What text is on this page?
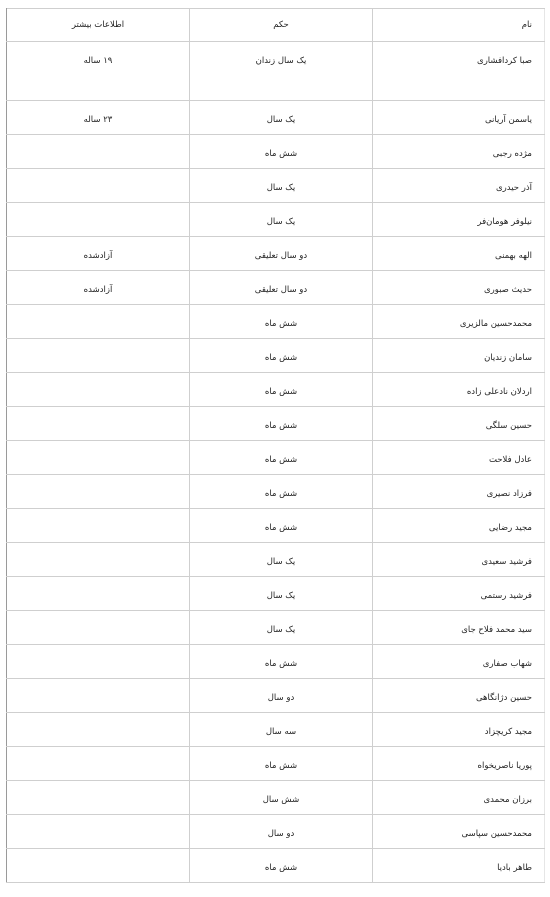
نام	حکم	اطلاعات بیشتر
صبا کردافشاری	یک سال زندان	۱۹ ساله
یاسمن آریانی	یک سال	۲۳ ساله
مژده رجبی	شش ماه	
آذر حیدری	یک سال	
نیلوفر هومان‌فر	یک سال	
الهه بهمنی	دو سال تعلیقی	آزادشده
حدیث صبوری	دو سال تعلیقی	آزادشده
محمدحسین مالزیری	شش ماه	
سامان زندیان	شش ماه	
اردلان نادعلی زاده	شش ماه	
حسین سلگی	شش ماه	
عادل فلاحت	شش ماه	
فرزاد نصیری	شش ماه	
مجید رضایی	شش ماه	
فرشید سعیدی	یک سال	
فرشید رستمی	یک سال	
سید محمد فلاح جای	یک سال	
شهاب صفاری	شش ماه	
حسین دژانگاهی	دو سال	
مجید کریچزاد	سه سال	
پوریا ناصریخواه	شش ماه	
برزان محمدی	شش سال	
محمدحسین سپاسی	دو سال	
طاهر بادیا	شش ماه	
